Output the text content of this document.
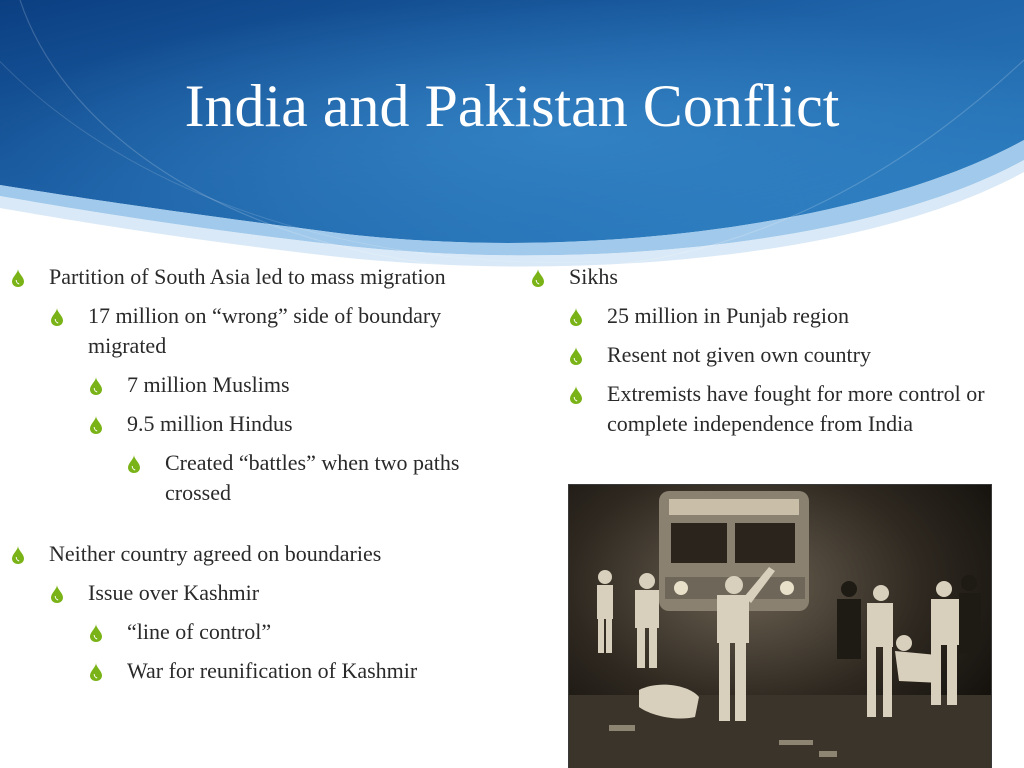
India and Pakistan Conflict
Partition of South Asia led to mass migration
17 million on “wrong” side of boundary migrated
7 million Muslims
9.5 million Hindus
Created “battles” when two paths crossed
Neither country agreed on boundaries
Issue over Kashmir
“line of control”
War for reunification of Kashmir
Sikhs
25 million in Punjab region
Resent not given own country
Extremists have fought for more control or complete independence from India
